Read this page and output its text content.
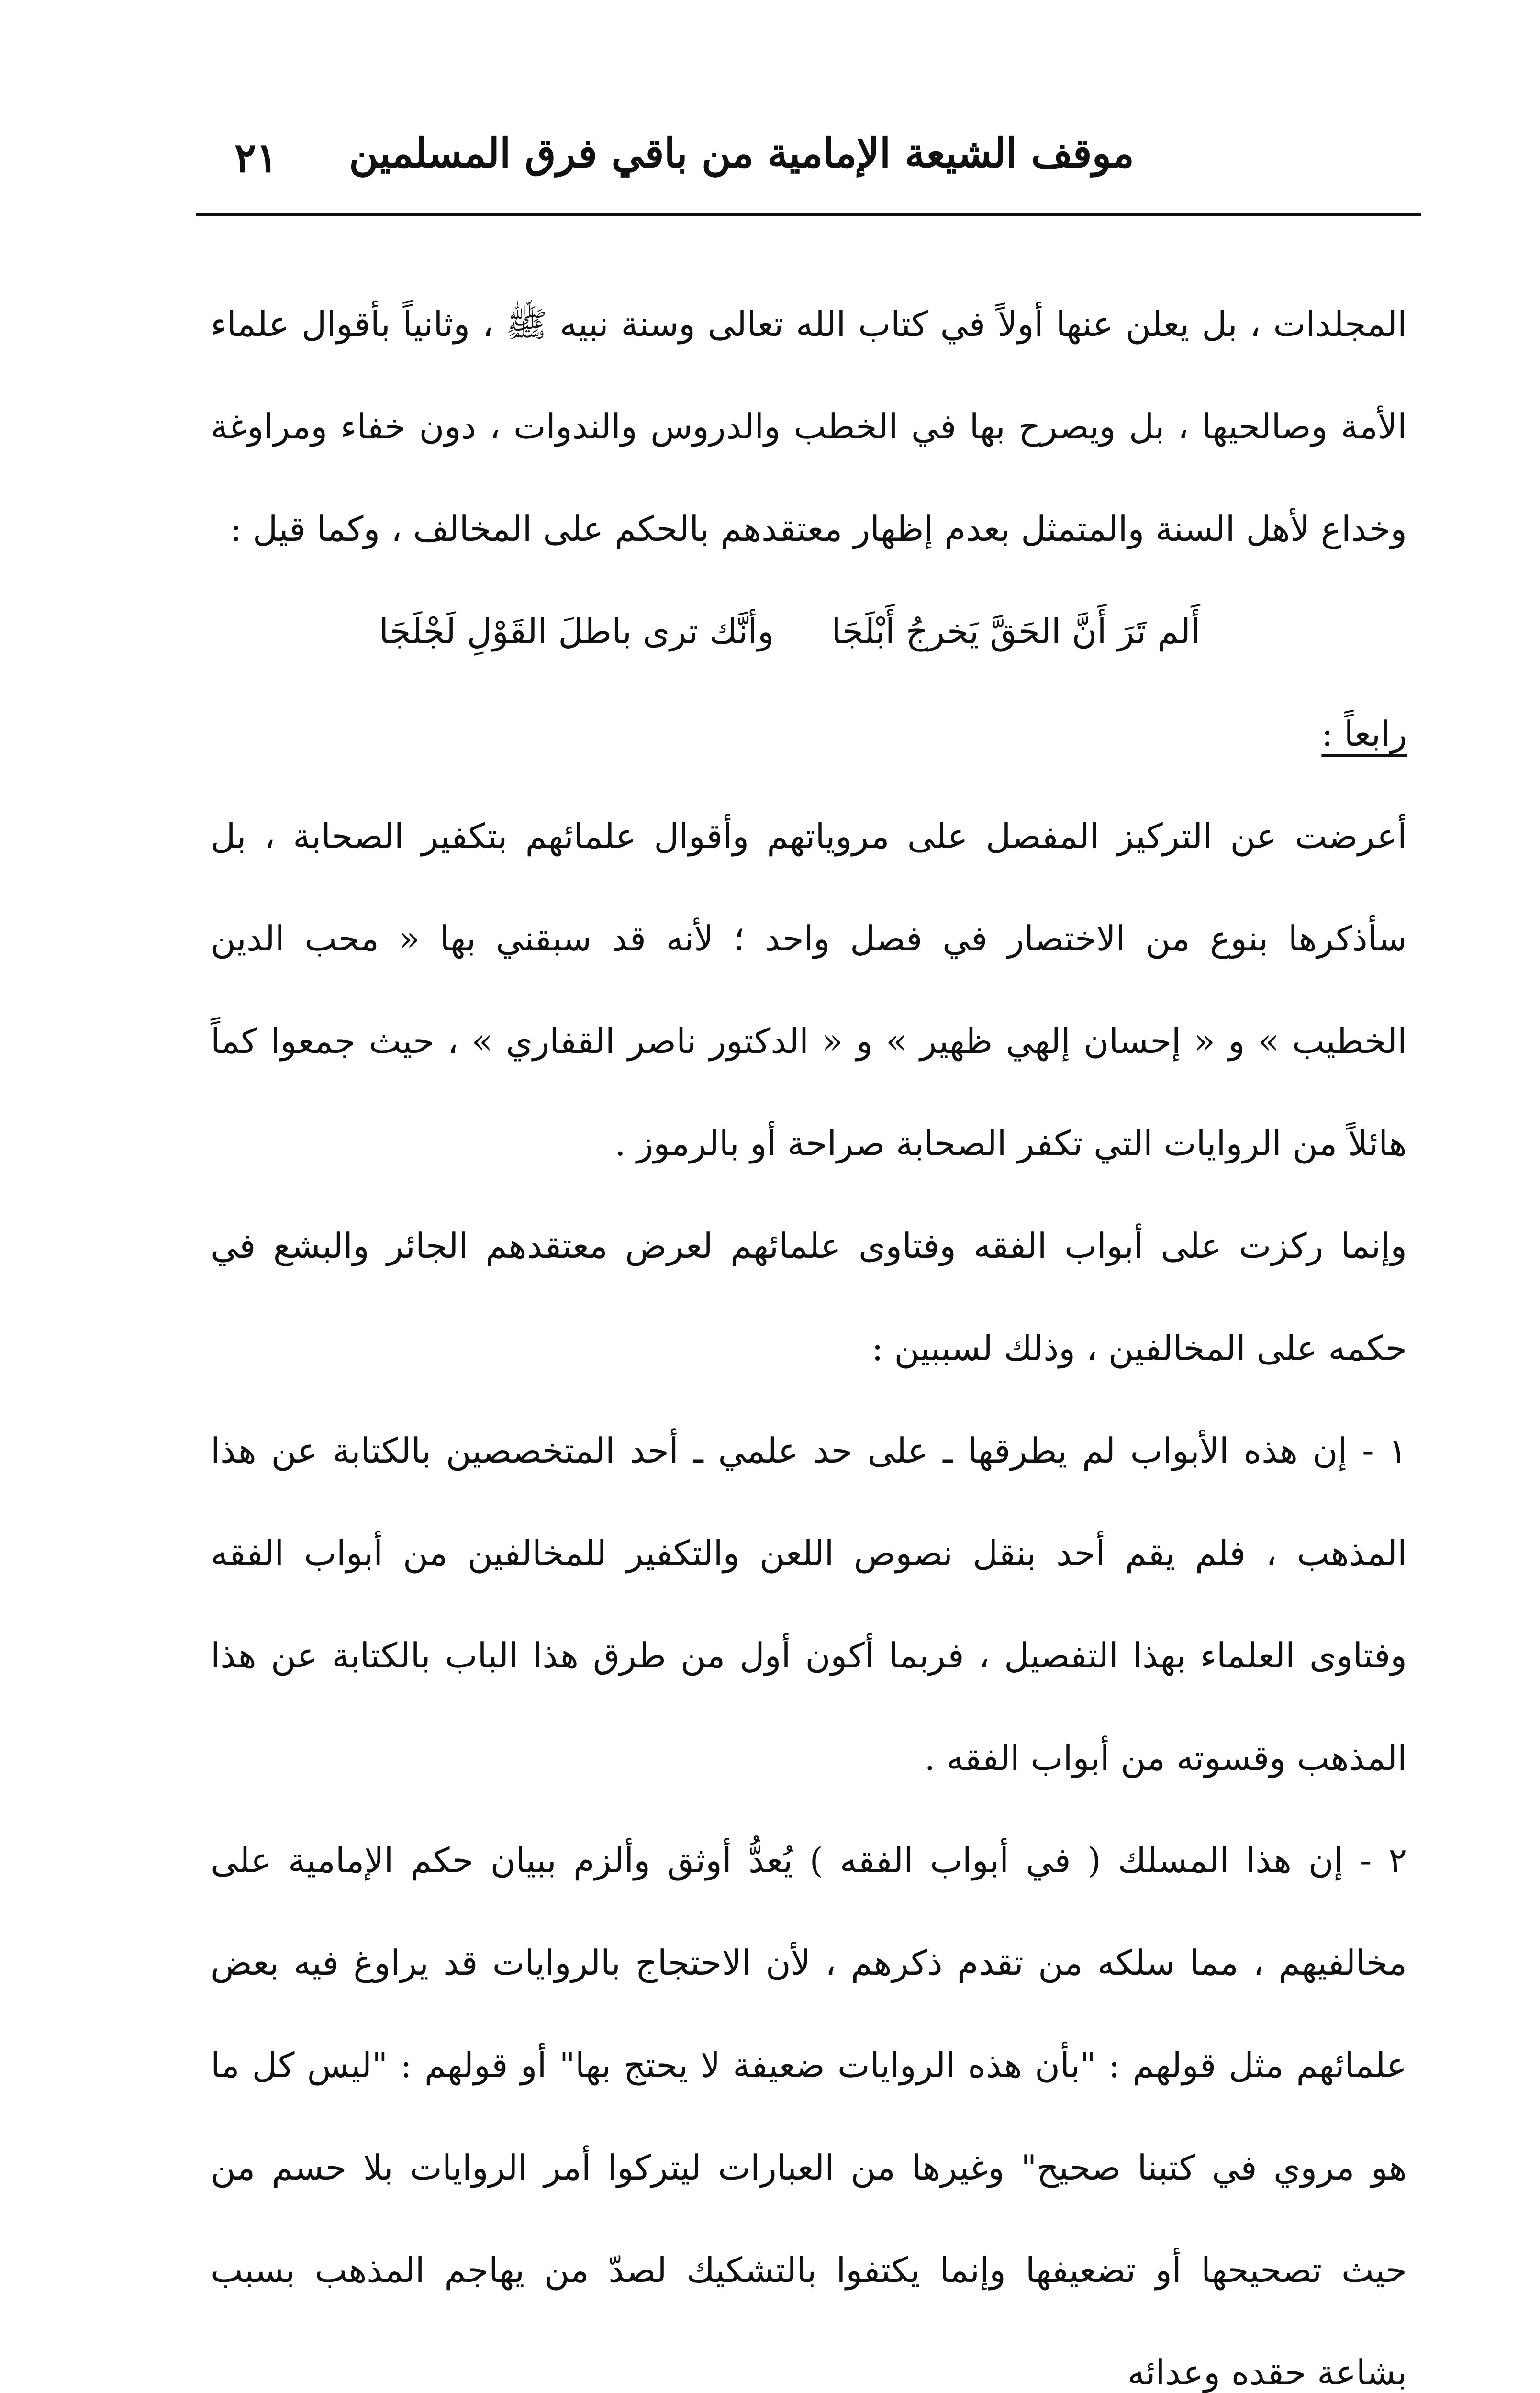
موقف الشيعة الإمامية من باقي فرق المسلمين
٢١

المجلدات ، بل يعلن عنها أولاً في كتاب الله تعالى وسنة نبيه ﷺ ، وثانياً بأقوال علماء الأمة وصالحيها ، بل ويصرح بها في الخطب والدروس والندوات ، دون خفاء ومراوغة وخداع لأهل السنة والمتمثل بعدم إظهار معتقدهم بالحكم على المخالف ، وكما قيل :

أَلم تَرَ أَنَّ الحَقَّ يَخرجُ أَبْلَجَاوأنَّك ترى باطلَ القَوْلِ لَجْلَجَا

رابعاً :

أعرضت عن التركيز المفصل على مروياتهم وأقوال علمائهم بتكفير الصحابة ، بل سأذكرها بنوع من الاختصار في فصل واحد ؛ لأنه قد سبقني بها « محب الدين الخطيب » و « إحسان إلهي ظهير » و « الدكتور ناصر القفاري » ، حيث جمعوا كماً هائلاً من الروايات التي تكفر الصحابة صراحة أو بالرموز .

وإنما ركزت على أبواب الفقه وفتاوى علمائهم لعرض معتقدهم الجائر والبشع في حكمه على المخالفين ، وذلك لسببين :

١ - إن هذه الأبواب لم يطرقها ـ على حد علمي ـ أحد المتخصصين بالكتابة عن هذا المذهب ، فلم يقم أحد بنقل نصوص اللعن والتكفير للمخالفين من أبواب الفقه وفتاوى العلماء بهذا التفصيل ، فربما أكون أول من طرق هذا الباب بالكتابة عن هذا المذهب وقسوته من أبواب الفقه .

٢ - إن هذا المسلك ( في أبواب الفقه ) يُعدُّ أوثق وألزم ببيان حكم الإمامية على مخالفيهم ، مما سلكه من تقدم ذكرهم ، لأن الاحتجاج بالروايات قد يراوغ فيه بعض علمائهم مثل قولهم : "بأن هذه الروايات ضعيفة لا يحتج بها" أو قولهم : "ليس كل ما هو مروي في كتبنا صحيح" وغيرها من العبارات ليتركوا أمر الروايات بلا حسم من حيث تصحيحها أو تضعيفها وإنما يكتفوا بالتشكيك لصدّ من يهاجم المذهب بسبب بشاعة حقده وعدائه
